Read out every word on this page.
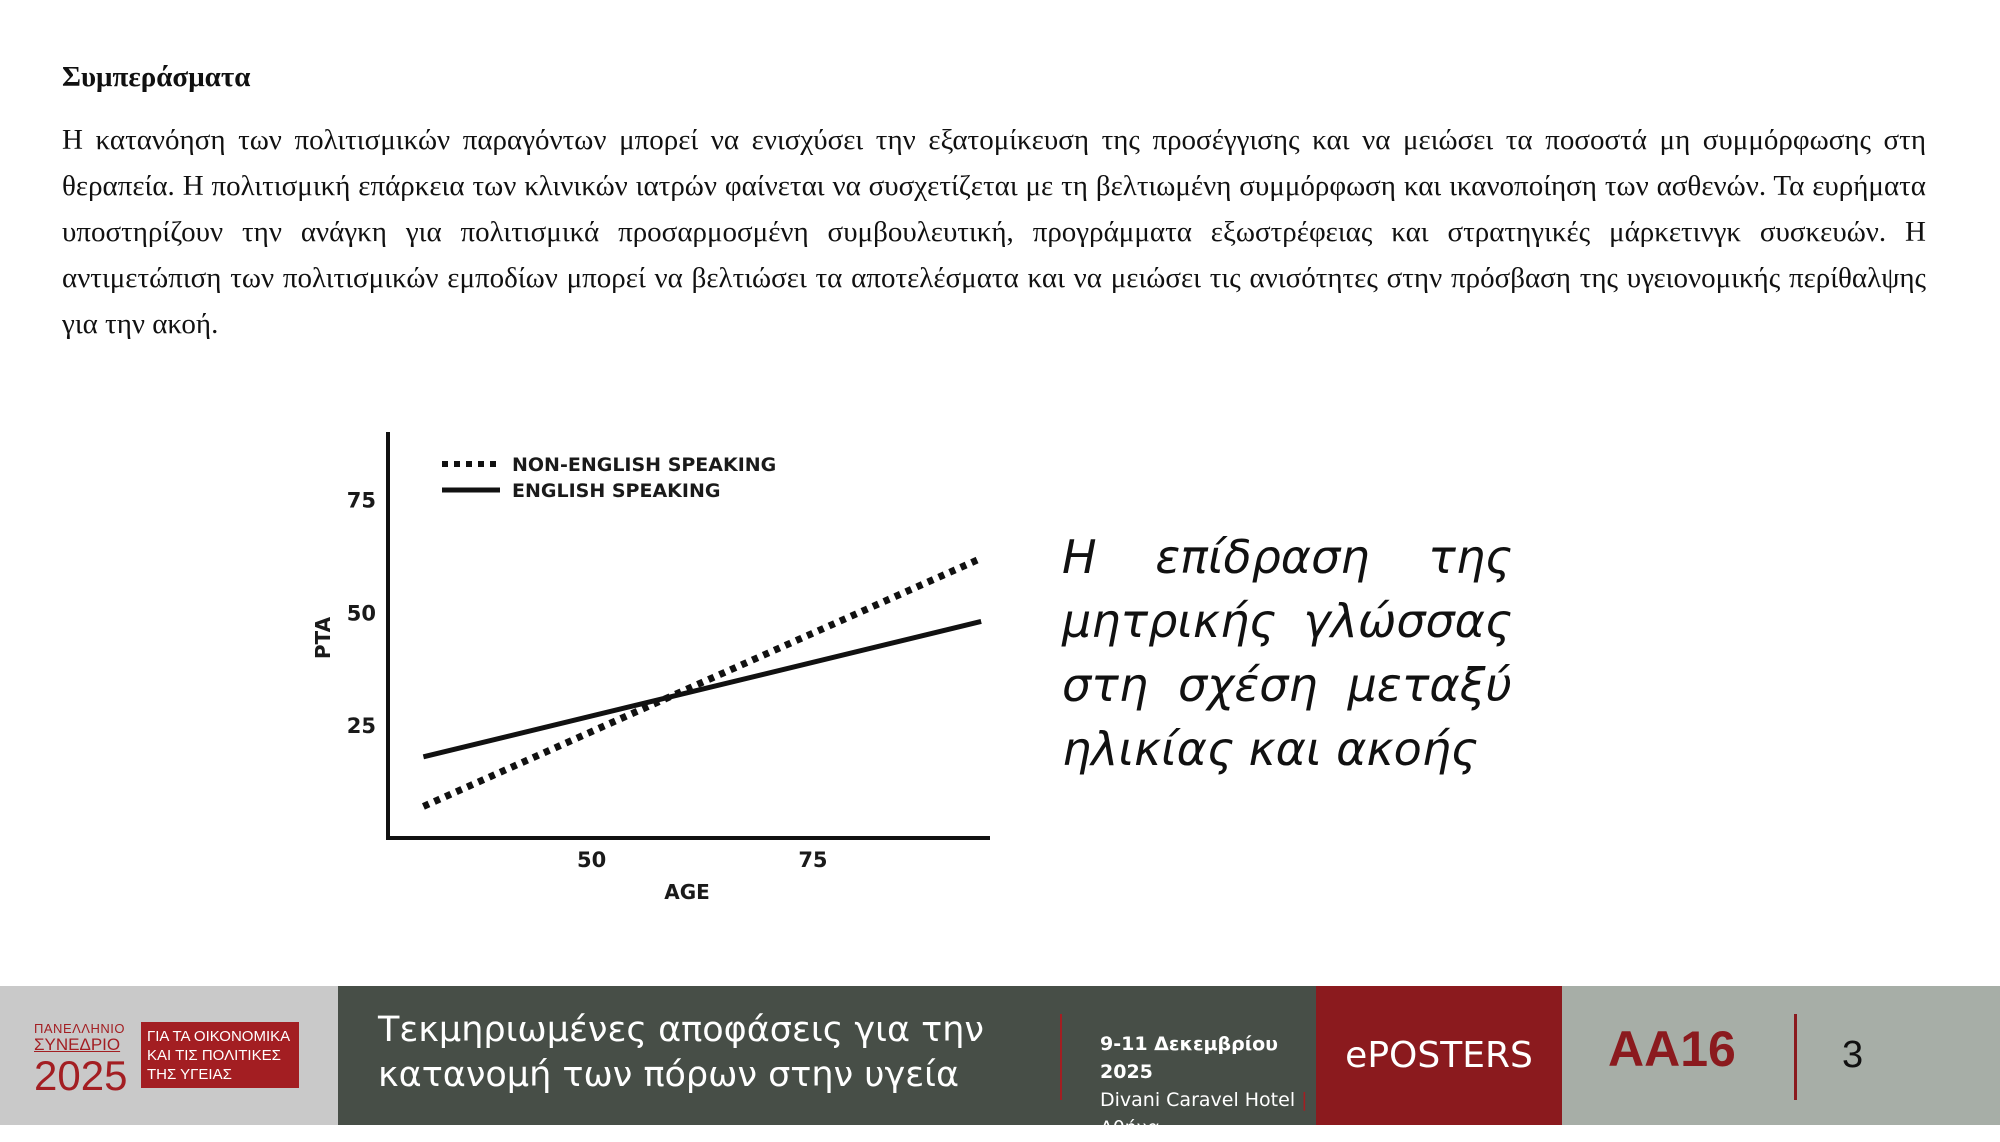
Συμπεράσματα

Η κατανόηση των πολιτισμικών παραγόντων μπορεί να ενισχύσει την εξατομίκευση της προσέγγισης και να μειώσει τα ποσοστά μη συμμόρφωσης στη θεραπεία. Η πολιτισμική επάρκεια των κλινικών ιατρών φαίνεται να συσχετίζεται με τη βελτιωμένη συμμόρφωση και ικανοποίηση των ασθενών. Τα ευρήματα υποστηρίζουν την ανάγκη για πολιτισμικά προσαρμοσμένη συμβουλευτική, προγράμματα εξωστρέφειας και στρατηγικές μάρκετινγκ συσκευών. Η αντιμετώπιση των πολιτισμικών εμποδίων μπορεί να βελτιώσει τα αποτελέσματα και να μειώσει τις ανισότητες στην πρόσβαση της υγειονομικής περίθαλψης για την ακοή.

50	75
25
50
75
NON-ENGLISH SPEAKING
ENGLISH SPEAKING
AGE
PTA
Η επίδραση της μητρικής γλώσσας στη σχέση μεταξύ ηλικίας και ακοής
ΠΑΝΕΛΛΗΝΙΟ
ΣΥΝΕΔΡΙΟ
2025
ΓΙΑ ΤΑ ΟΙΚΟΝΟΜΙΚΑ
ΚΑΙ ΤΙΣ ΠΟΛΙΤΙΚΕΣ
ΤΗΣ ΥΓΕΙΑΣ
Τεκμηριωμένες αποφάσεις για την
κατανομή των πόρων στην υγεία
9-11 Δεκεμβρίου 2025
Divani Caravel Hotel | Αθήνα
ePOSTERS	AA16	3
